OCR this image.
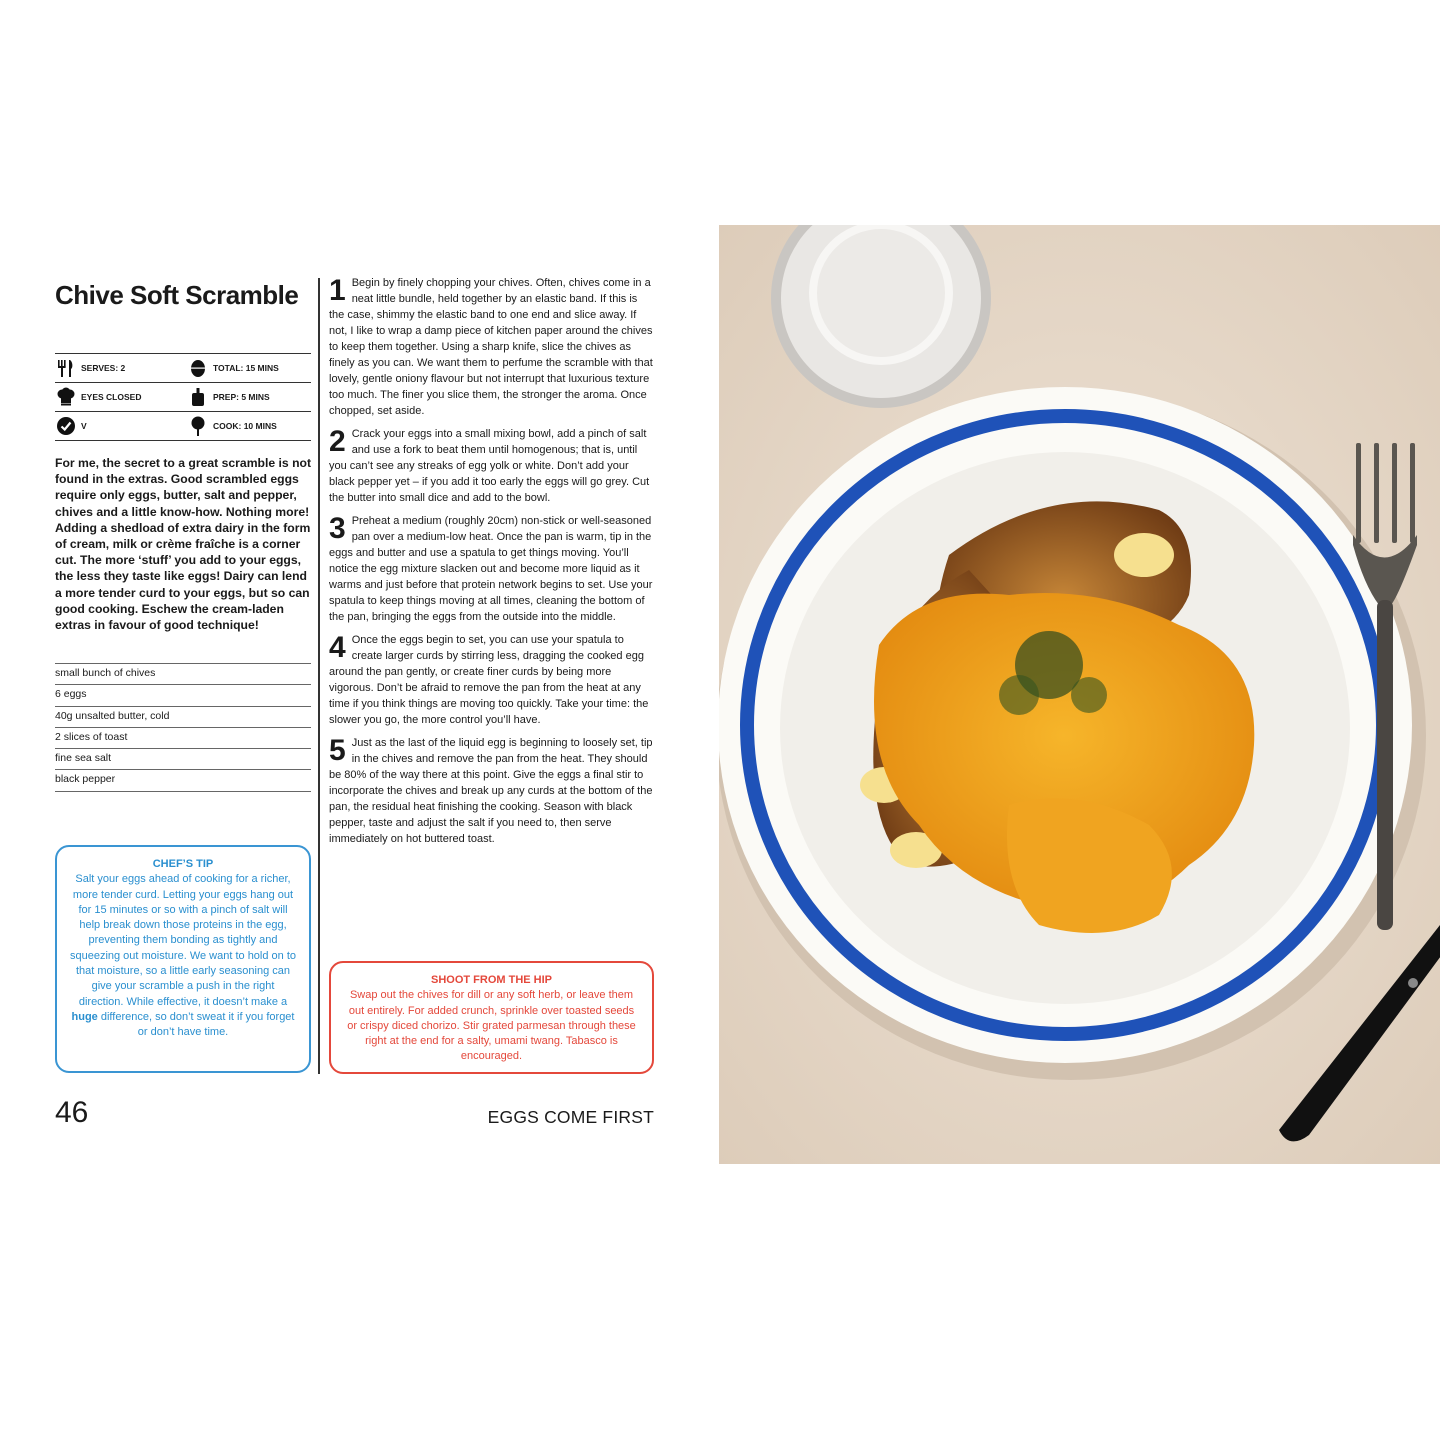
Chive Soft Scramble
SERVES: 2	TOTAL: 15 MINS
EYES CLOSED	PREP: 5 MINS
V	COOK: 10 MINS

For me, the secret to a great scramble is not found in the extras. Good scrambled eggs require only eggs, butter, salt and pepper, chives and a little know-how. Nothing more! Adding a shedload of extra dairy in the form of cream, milk or crème fraîche is a corner cut. The more ‘stuff’ you add to your eggs, the less they taste like eggs! Dairy can lend a more tender curd to your eggs, but so can good cooking. Eschew the cream-laden extras in favour of good technique!

small bunch of chives
6 eggs
40g unsalted butter, cold
2 slices of toast
fine sea salt
black pepper
CHEF’S TIP
Salt your eggs ahead of cooking for a richer, more tender curd. Letting your eggs hang out for 15 minutes or so with a pinch of salt will help break down those proteins in the egg, preventing them bonding as tightly and squeezing out moisture. We want to hold on to that moisture, so a little early seasoning can give your scramble a push in the right direction. While effective, it doesn’t make a huge difference, so don’t sweat it if you forget or don’t have time.
1 Begin by finely chopping your chives. Often, chives come in a neat little bundle, held together by an elastic band. If this is the case, shimmy the elastic band to one end and slice away. If not, I like to wrap a damp piece of kitchen paper around the chives to keep them together. Using a sharp knife, slice the chives as finely as you can. We want them to perfume the scramble with that lovely, gentle oniony flavour but not interrupt that luxurious texture too much. The finer you slice them, the stronger the aroma. Once chopped, set aside.
2 Crack your eggs into a small mixing bowl, add a pinch of salt and use a fork to beat them until homogenous; that is, until you can’t see any streaks of egg yolk or white. Don’t add your black pepper yet – if you add it too early the eggs will go grey. Cut the butter into small dice and add to the bowl.
3 Preheat a medium (roughly 20cm) non-stick or well-seasoned pan over a medium-low heat. Once the pan is warm, tip in the eggs and butter and use a spatula to get things moving. You’ll notice the egg mixture slacken out and become more liquid as it warms and just before that protein network begins to set. Use your spatula to keep things moving at all times, cleaning the bottom of the pan, bringing the eggs from the outside into the middle.
4 Once the eggs begin to set, you can use your spatula to create larger curds by stirring less, dragging the cooked egg around the pan gently, or create finer curds by being more vigorous. Don’t be afraid to remove the pan from the heat at any time if you think things are moving too quickly. Take your time: the slower you go, the more control you’ll have.
5 Just as the last of the liquid egg is beginning to loosely set, tip in the chives and remove the pan from the heat. They should be 80% of the way there at this point. Give the eggs a final stir to incorporate the chives and break up any curds at the bottom of the pan, the residual heat finishing the cooking. Season with black pepper, taste and adjust the salt if you need to, then serve immediately on hot buttered toast.
SHOOT FROM THE HIP
Swap out the chives for dill or any soft herb, or leave them out entirely. For added crunch, sprinkle over toasted seeds or crispy diced chorizo. Stir grated parmesan through these right at the end for a salty, umami twang. Tabasco is encouraged.

46	EGGS COME FIRST
